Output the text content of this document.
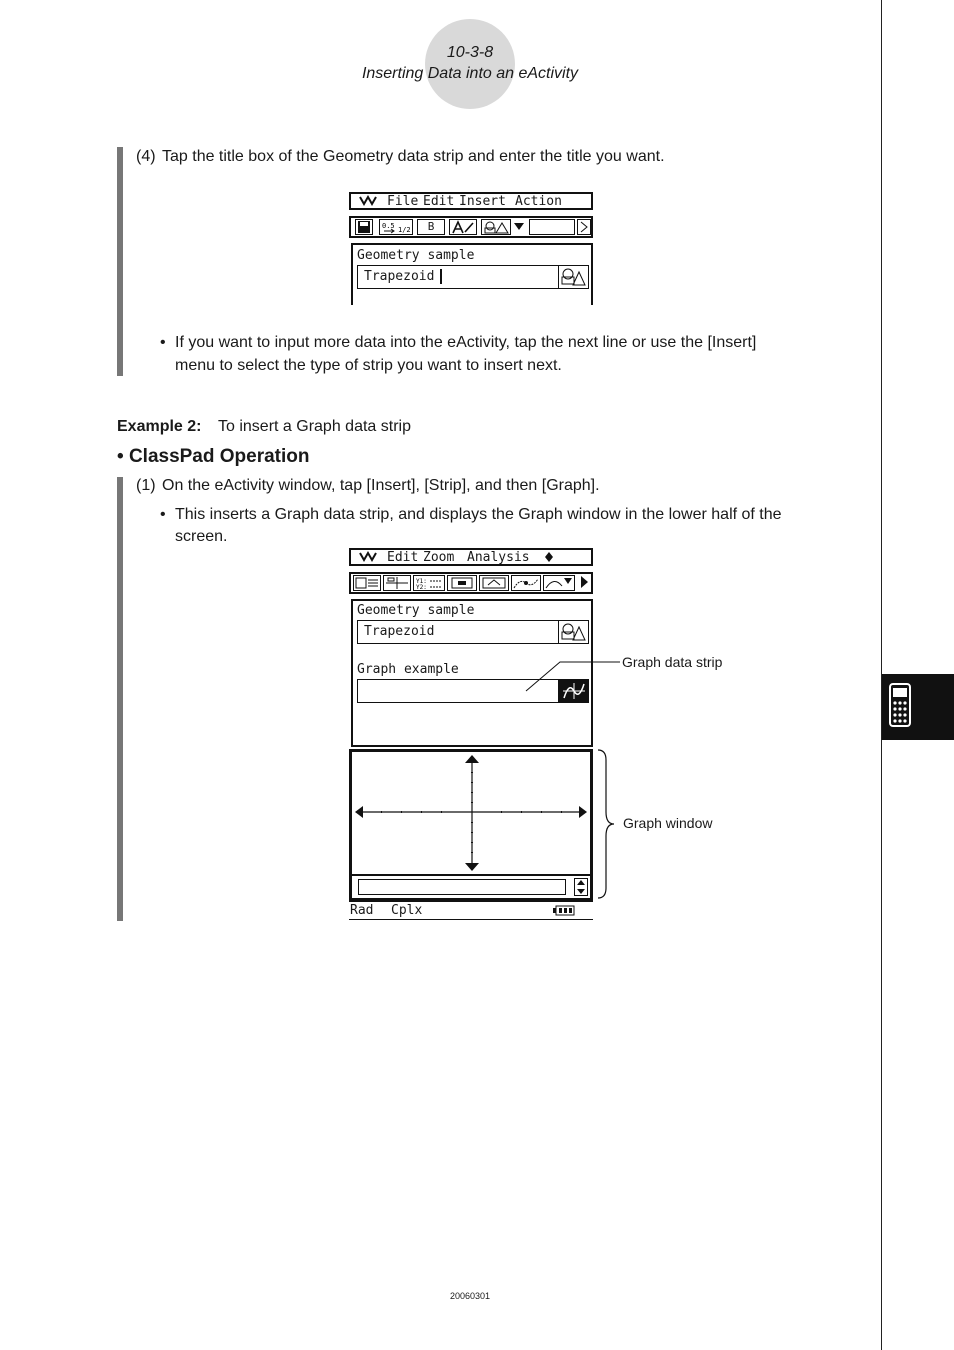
10-3-8
Inserting Data into an eActivity
(4) Tap the title box of the Geometry data strip and enter the title you want.
File Edit Insert Action
0.5 1/2	B
Geometry sample
Trapezoid
• If you want to input more data into the eActivity, tap the next line or use the [Insert]
menu to select the type of strip you want to insert next.
Example 2: To insert a Graph data strip
• ClassPad Operation
(1) On the eActivity window, tap [Insert], [Strip], and then [Graph].
• This inserts a Graph data strip, and displays the Graph window in the lower half of the
screen.
Edit Zoom Analysis
Y1:
Y2:
Geometry sample
Trapezoid
Graph example
Rad Cplx
Graph data strip
Graph window
20060301
